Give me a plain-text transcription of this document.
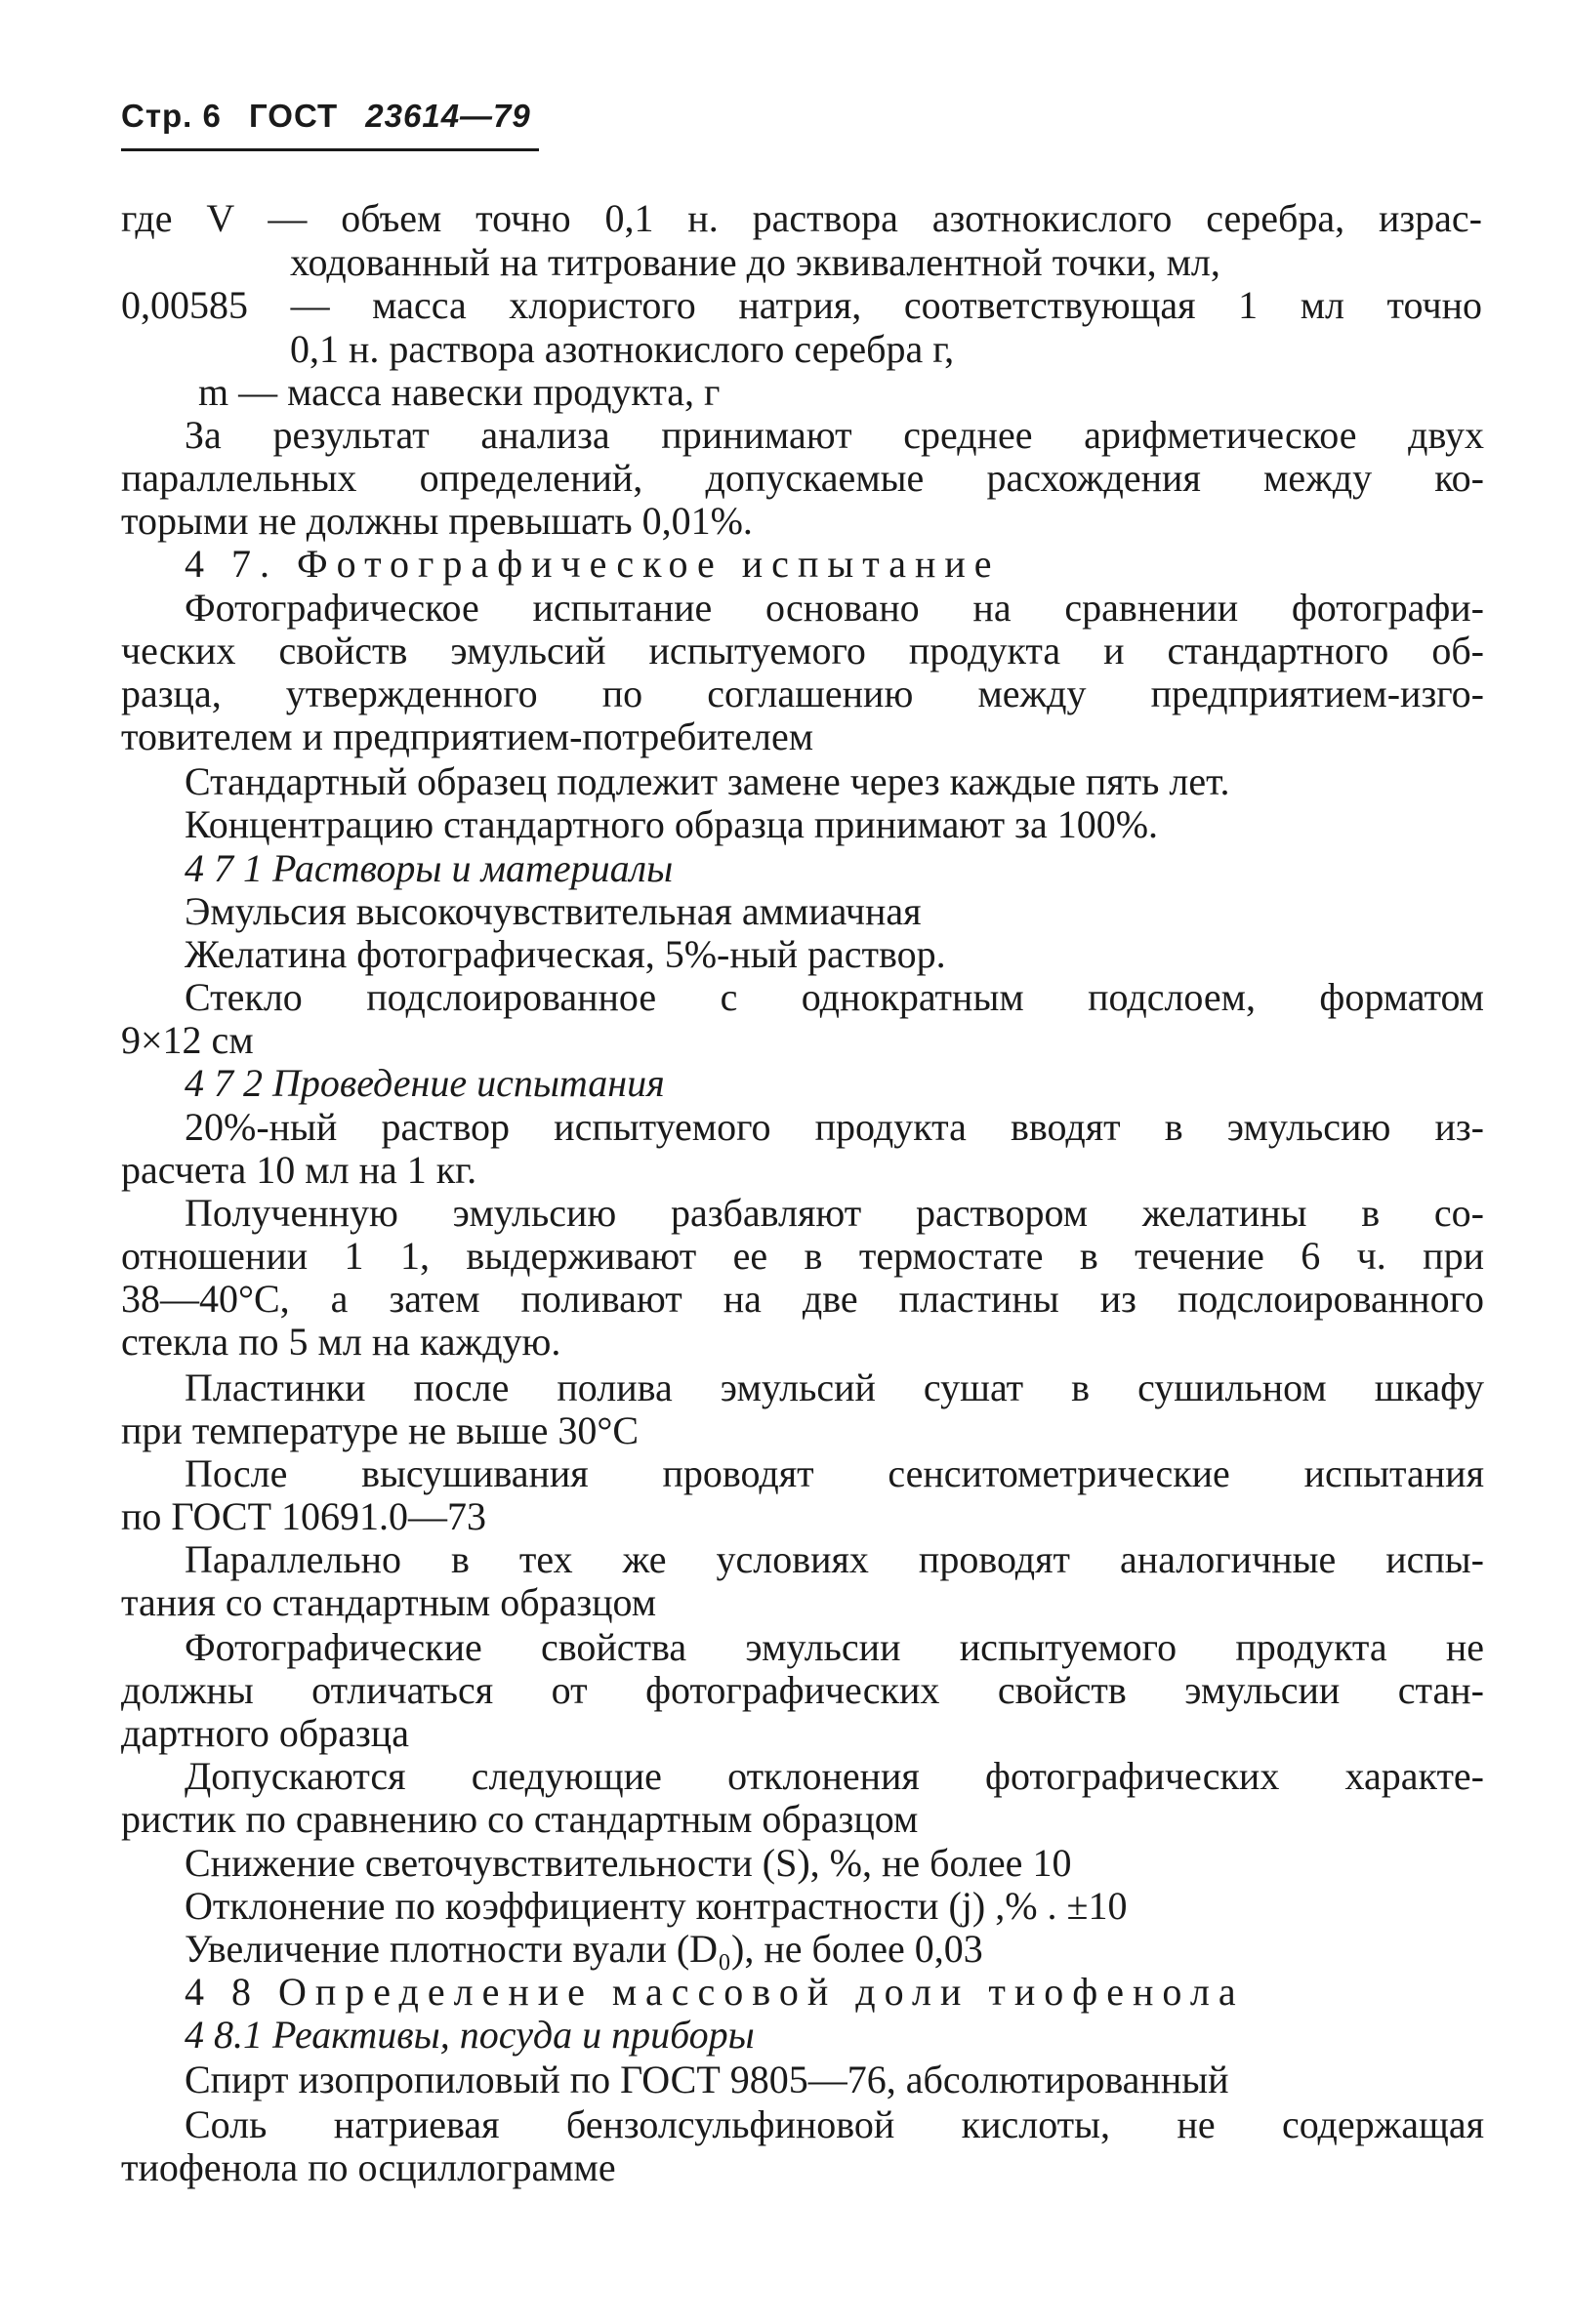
Стр. 6 ГОСТ 23614—79
где V — объем точно 0,1 н. раствора азотнокислого серебра, израс-
ходованный на титрование до эквивалентной точки, мл,
0,00585 — масса хлористого натрия, соответствующая 1 мл точно
0,1 н. раствора азотнокислого серебра г,
m — масса навески продукта, г
За результат анализа принимают среднее арифметическое двух
параллельных определений, допускаемые расхождения между ко-
торыми не должны превышать 0,01%.
4 7. Фотографическое испытание
Фотографическое испытание основано на сравнении фотографи-
ческих свойств эмульсий испытуемого продукта и стандартного об-
разца, утвержденного по соглашению между предприятием-изго-
товителем и предприятием-потребителем
Стандартный образец подлежит замене через каждые пять лет.
Концентрацию стандартного образца принимают за 100%.
4 7 1 Растворы и материалы
Эмульсия высокочувствительная аммиачная
Желатина фотографическая, 5%-ный раствор.
Стекло подслоированное с однократным подслоем, форматом
9×12 см
4 7 2 Проведение испытания
20%-ный раствор испытуемого продукта вводят в эмульсию из-
расчета 10 мл на 1 кг.
Полученную эмульсию разбавляют раствором желатины в со-
отношении 1 1, выдерживают ее в термостате в течение 6 ч. при
38—40°С, а затем поливают на две пластины из подслоированного
стекла по 5 мл на каждую.
Пластинки после полива эмульсий сушат в сушильном шкафу
при температуре не выше 30°С
После высушивания проводят сенситометрические испытания
по ГОСТ 10691.0—73
Параллельно в тех же условиях проводят аналогичные испы-
тания со стандартным образцом
Фотографические свойства эмульсии испытуемого продукта не
должны отличаться от фотографических свойств эмульсии стан-
дартного образца
Допускаются следующие отклонения фотографических характе-
ристик по сравнению со стандартным образцом
Снижение светочувствительности (S), %, не более 10
Отклонение по коэффициенту контрастности (j) ,% . ±10
Увеличение плотности вуали (D₀), не более 0,03
4 8 Определение массовой доли тиофенола
4 8.1 Реактивы, посуда и приборы
Спирт изопропиловый по ГОСТ 9805—76, абсолютированный
Соль натриевая бензолсульфиновой кислоты, не содержащая
тиофенола по осциллограмме
